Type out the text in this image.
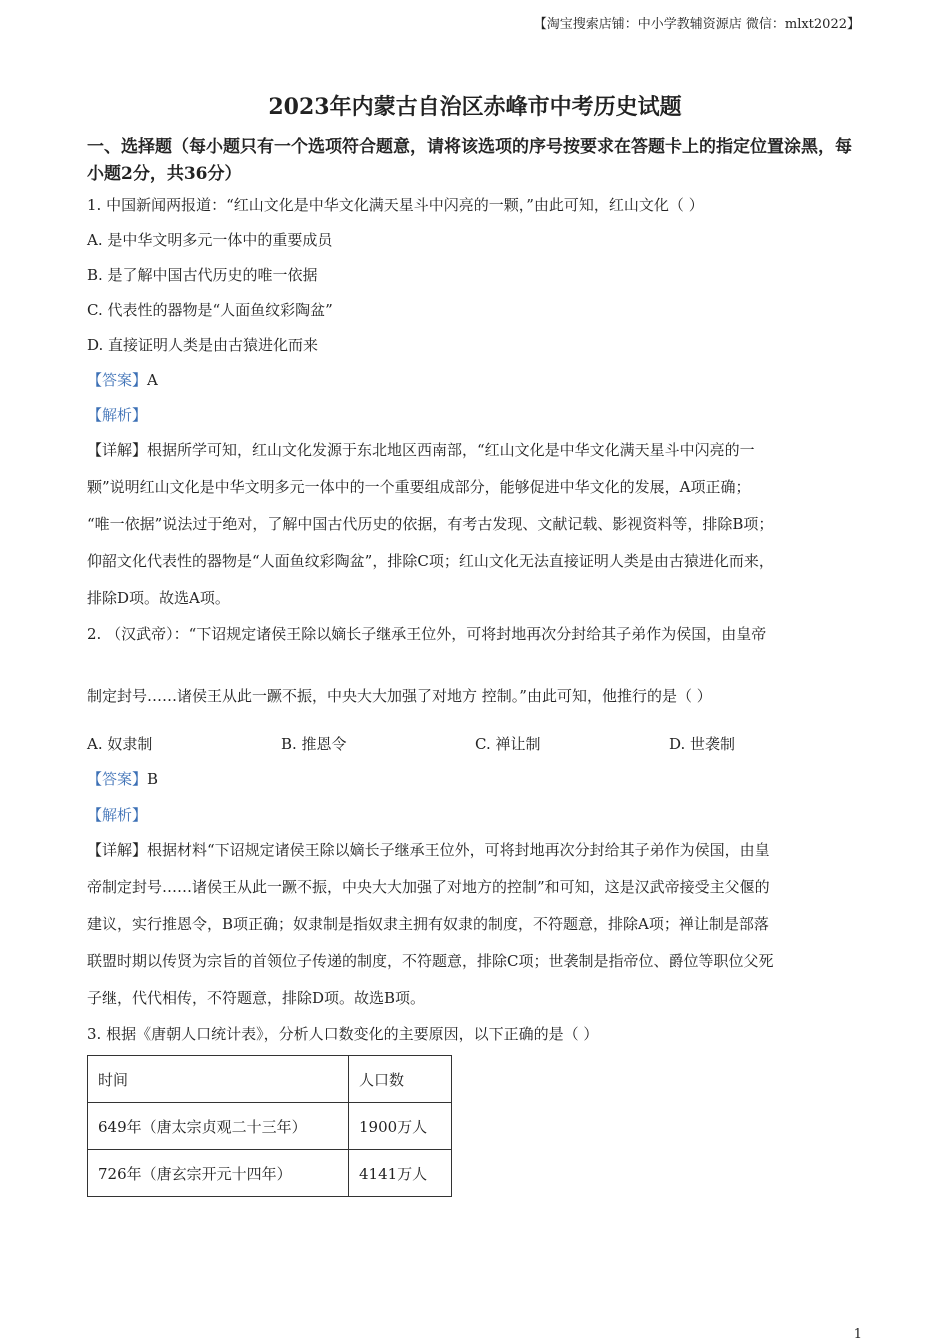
【淘宝搜索店铺：中小学教辅资源店 微信：mlxt2022】
2023年内蒙古自治区赤峰市中考历史试题
一、选择题（每小题只有一个选项符合题意，请将该选项的序号按要求在答题卡上的指定位置涂黑，每小题2分，共36分）
1. 中国新闻两报道：“红山文化是中华文化满天星斗中闪亮的一颗，”由此可知，红山文化（ ）
A. 是中华文明多元一体中的重要成员
B. 是了解中国古代历史的唯一依据
C. 代表性的器物是“人面鱼纹彩陶盆”
D. 直接证明人类是由古猿进化而来
【答案】A
【解析】
【详解】根据所学可知，红山文化发源于东北地区西南部，“红山文化是中华文化满天星斗中闪亮的一
颗”说明红山文化是中华文明多元一体中的一个重要组成部分，能够促进中华文化的发展，A项正确；
“唯一依据”说法过于绝对，了解中国古代历史的依据，有考古发现、文献记载、影视资料等，排除B项；
仰韶文化代表性的器物是“人面鱼纹彩陶盆”，排除C项；红山文化无法直接证明人类是由古猿进化而来，
排除D项。故选A项。
2. （汉武帝）：“下诏规定诸侯王除以嫡长子继承王位外，可将封地再次分封给其子弟作为侯国，由皇帝
制定封号……诸侯王从此一蹶不振，中央大大加强了对地方 控制。”由此可知，他推行的是（ ）
A. 奴隶制	B. 推恩令	C. 禅让制	D. 世袭制
【答案】B
【解析】
【详解】根据材料“下诏规定诸侯王除以嫡长子继承王位外，可将封地再次分封给其子弟作为侯国，由皇
帝制定封号……诸侯王从此一蹶不振，中央大大加强了对地方的控制”和可知，这是汉武帝接受主父偃的
建议，实行推恩令，B项正确；奴隶制是指奴隶主拥有奴隶的制度，不符题意，排除A项；禅让制是部落
联盟时期以传贤为宗旨的首领位子传递的制度，不符题意，排除C项；世袭制是指帝位、爵位等职位父死
子继，代代相传，不符题意，排除D项。故选B项。
3. 根据《唐朝人口统计表》，分析人口数变化的主要原因，以下正确的是（ ）
时间	人口数
649年（唐太宗贞观二十三年）	1900万人
726年（唐玄宗开元十四年）	4141万人
1
